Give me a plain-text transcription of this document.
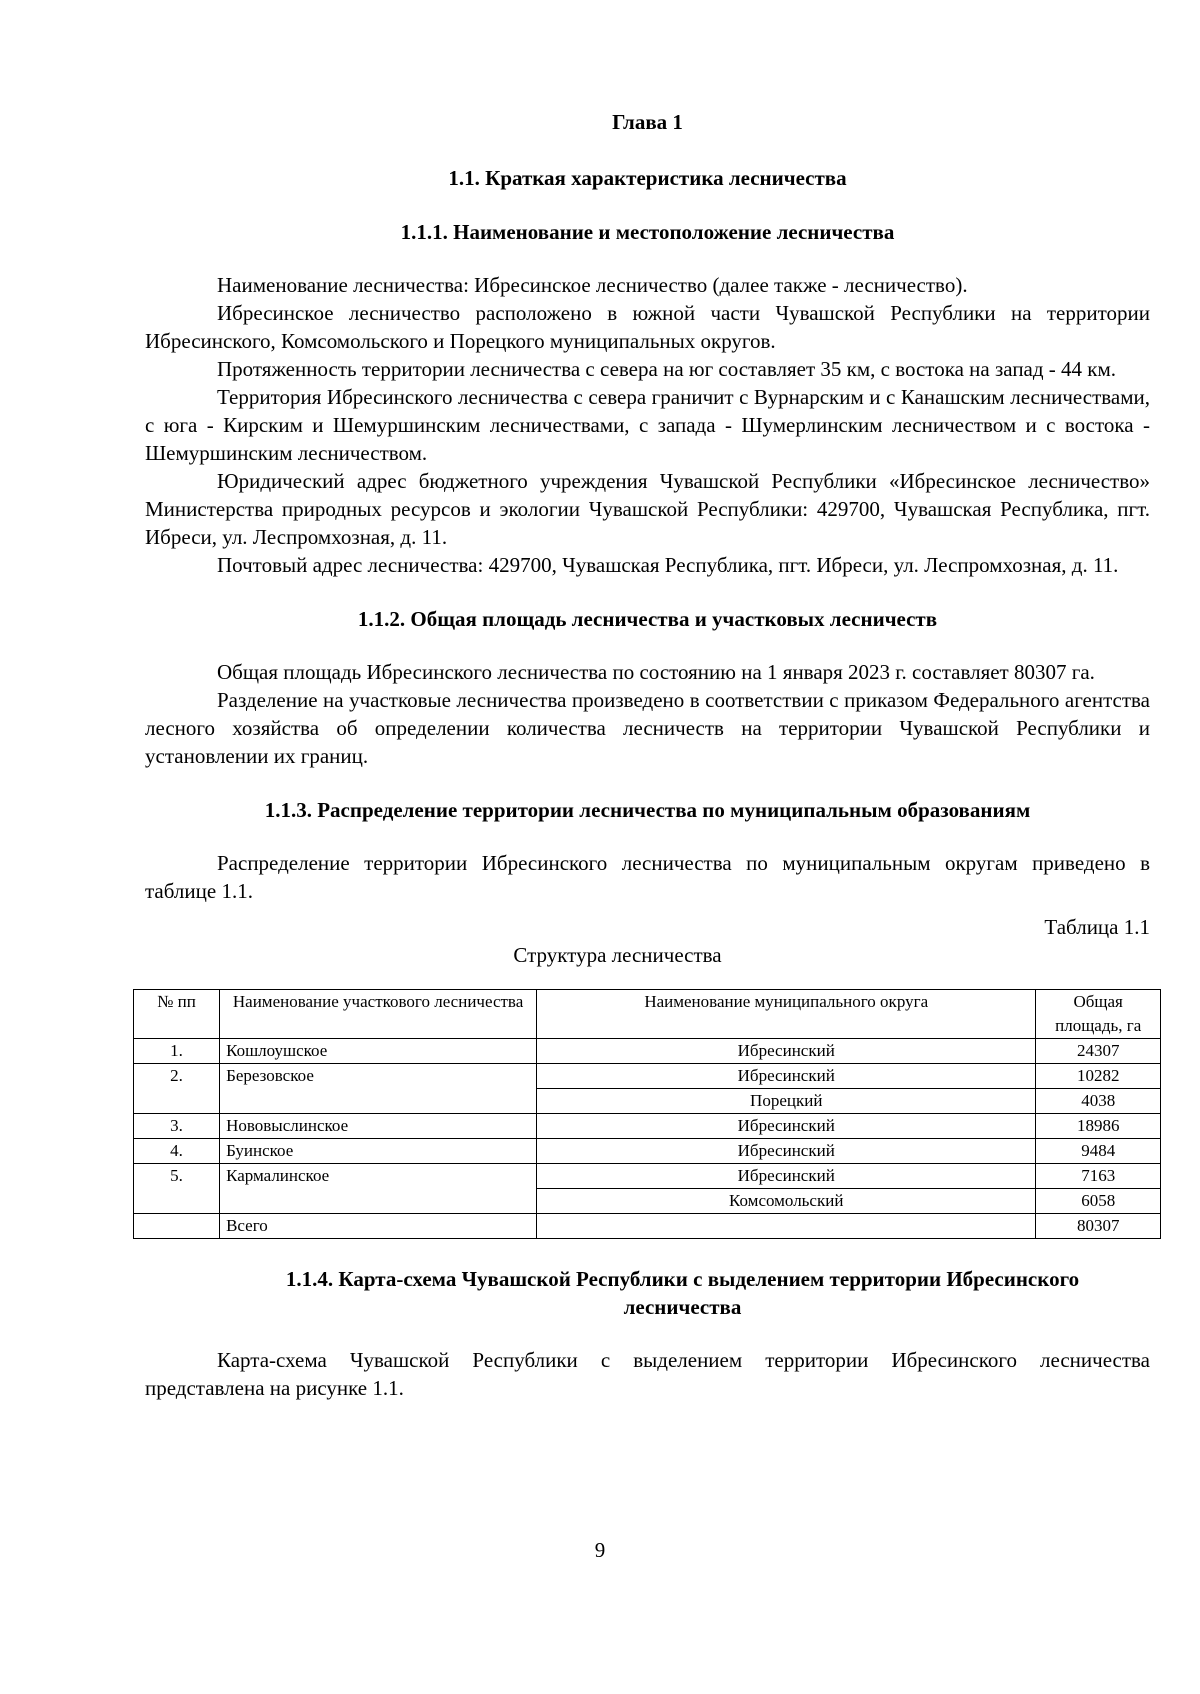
Глава 1
1.1. Краткая характеристика лесничества
1.1.1. Наименование и местоположение лесничества

Наименование лесничества: Ибресинское лесничество (далее также - лесничество).

Ибресинское лесничество расположено в южной части Чувашской Республики на территории Ибресинского, Комсомольского и Порецкого муниципальных округов.

Протяженность территории лесничества с севера на юг составляет 35 км, с востока на запад - 44 км.

Территория Ибресинского лесничества с севера граничит с Вурнарским и с Канашским лесничествами, с юга - Кирским и Шемуршинским лесничествами, с запада - Шумерлинским лесничеством и с востока - Шемуршинским лесничеством.

Юридический адрес бюджетного учреждения Чувашской Республики «Ибресинское лесничество» Министерства природных ресурсов и экологии Чувашской Республики: 429700, Чувашская Республика, пгт. Ибреси, ул. Леспромхозная, д. 11.

Почтовый адрес лесничества: 429700, Чувашская Республика, пгт. Ибреси, ул. Леспромхозная, д. 11.

1.1.2. Общая площадь лесничества и участковых лесничеств

Общая площадь Ибресинского лесничества по состоянию на 1 января 2023 г. составляет 80307 га.

Разделение на участковые лесничества произведено в соответствии с приказом Федерального агентства лесного хозяйства об определении количества лесничеств на территории Чувашской Республики и установлении их границ.

1.1.3. Распределение территории лесничества по муниципальным образованиям

Распределение территории Ибресинского лесничества по муниципальным округам приведено в таблице 1.1.

Таблица 1.1
Структура лесничества
№ пп	Наименование участкового лесничества	Наименование муниципального округа	Общая площадь, га
1.	Кошлоушское	Ибресинский	24307
2.	Березовское	Ибресинский	10282
		Порецкий	4038
3.	Нововыслинское	Ибресинский	18986
4.	Буинское	Ибресинский	9484
5.	Кармалинское	Ибресинский	7163
		Комсомольский	6058
	Всего		80307
1.1.4. Карта-схема Чувашской Республики с выделением территории Ибресинского
лесничества

Карта-схема Чувашской Республики с выделением территории Ибресинского лесничества представлена на рисунке 1.1.

9
